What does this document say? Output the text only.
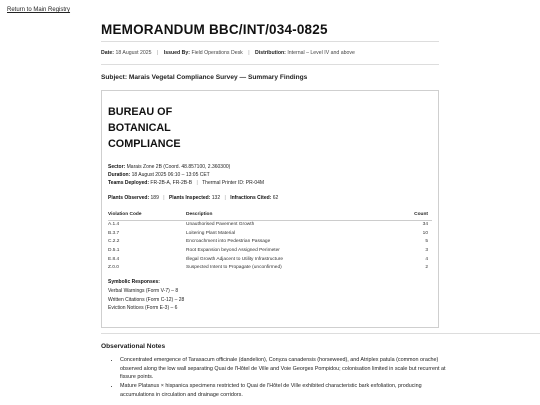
Return to Main Registry
MEMORANDUM BBC/INT/034-0825
Date: 18 August 2025 | Issued By: Field Operations Desk | Distribution: Internal – Level IV and above
Subject: Marais Vegetal Compliance Survey — Summary Findings
BUREAU OF
BOTANICAL
COMPLIANCE
Sector: Marais Zone 2B (Coord. 48.857100, 2.360300)
Duration: 18 August 2025 06:10 – 13:05 CET
Teams Deployed: FR-2B-A, FR-2B-B | Thermal Printer ID: PR-04M
Plants Observed: 189 | Plants Inspected: 132 | Infractions Cited: 62
Violation Code	Description	Count
A.1.4	Unauthorised Pavement Growth	34
B.3.7	Loitering Plant Material	10
C.2.2	Encroachment into Pedestrian Passage	5
D.5.1	Root Expansion beyond Assigned Perimeter	3
E.8.4	Illegal Growth Adjacent to Utility Infrastructure	4
Z.0.0	Suspected Intent to Propagate (unconfirmed)	2
Symbolic Responses:
Verbal Warnings (Form V-7) – 8
Written Citations (Form C-12) – 28
Eviction Notices (Form E-3) – 6
Observational Notes
• Concentrated emergence of Taraxacum officinale (dandelion), Conyza canadensis (horseweed), and Atriplex patula (common orache) observed along the low wall separating Quai de l'Hôtel de Ville and Voie Georges Pompidou; colonisation limited in scale but recurrent at fissure points.
• Mature Platanus × hispanica specimens restricted to Quai de l'Hôtel de Ville exhibited characteristic bark exfoliation, producing accumulations in circulation and drainage corridors.
